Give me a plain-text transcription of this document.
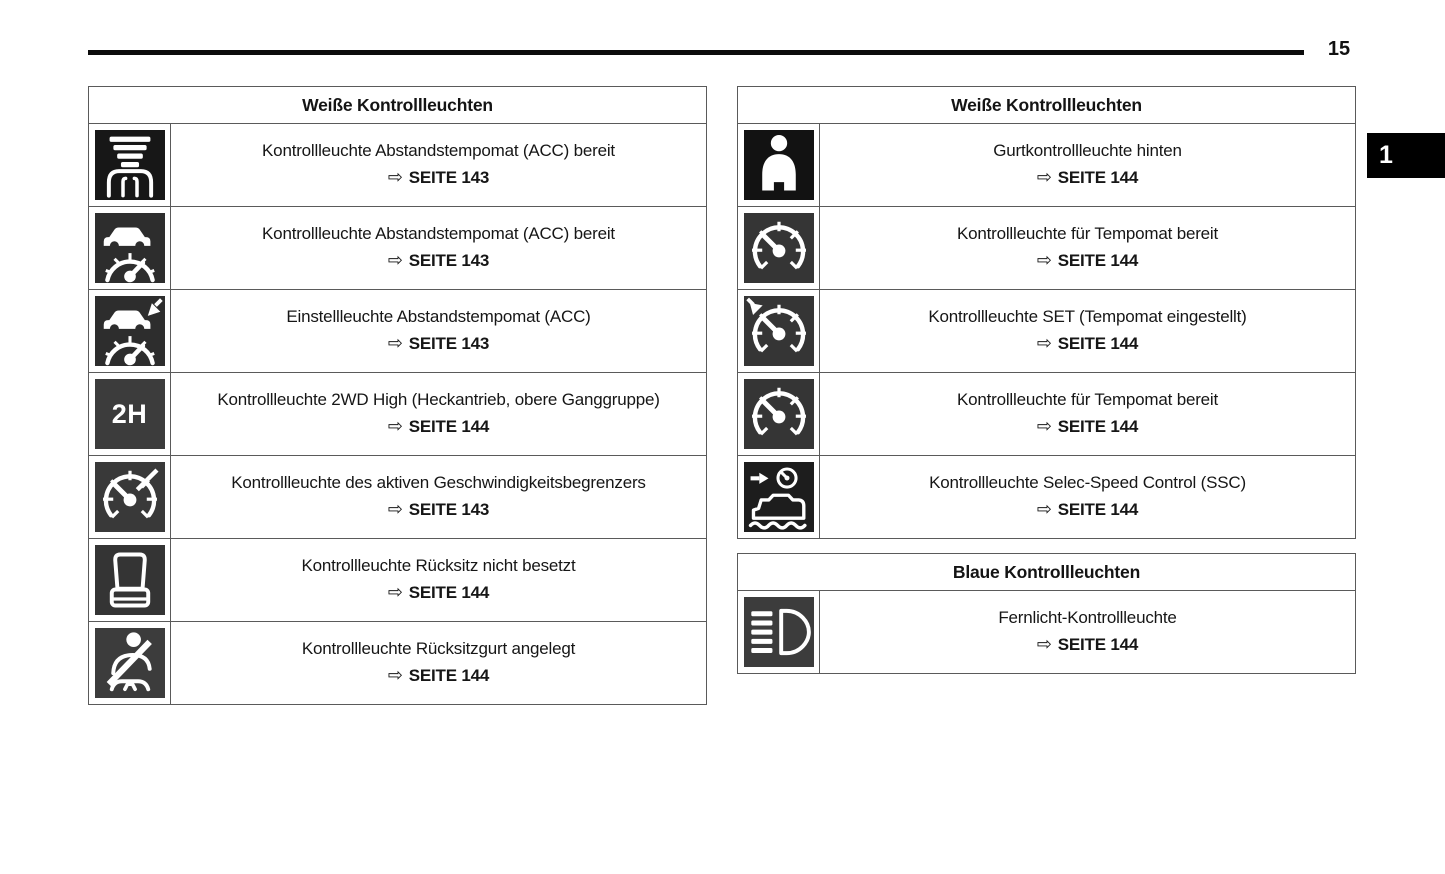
15
1
Weiße Kontrollleuchten
Kontrollleuchte Abstandstempomat (ACC) bereit
⇨ SEITE 143
Kontrollleuchte Abstandstempomat (ACC) bereit
⇨ SEITE 143
Einstellleuchte Abstandstempomat (ACC)
⇨ SEITE 143
2H	Kontrollleuchte 2WD High (Heckantrieb, obere Ganggruppe)
⇨ SEITE 144
Kontrollleuchte des aktiven Geschwindigkeitsbegrenzers
⇨ SEITE 143
Kontrollleuchte Rücksitz nicht besetzt
⇨ SEITE 144
Kontrollleuchte Rücksitzgurt angelegt
⇨ SEITE 144
Weiße Kontrollleuchten
Gurtkontrollleuchte hinten
⇨ SEITE 144
Kontrollleuchte für Tempomat bereit
⇨ SEITE 144
Kontrollleuchte SET (Tempomat eingestellt)
⇨ SEITE 144
Kontrollleuchte für Tempomat bereit
⇨ SEITE 144
Kontrollleuchte Selec-Speed Control (SSC)
⇨ SEITE 144
Blaue Kontrollleuchten
Fernlicht-Kontrollleuchte
⇨ SEITE 144
